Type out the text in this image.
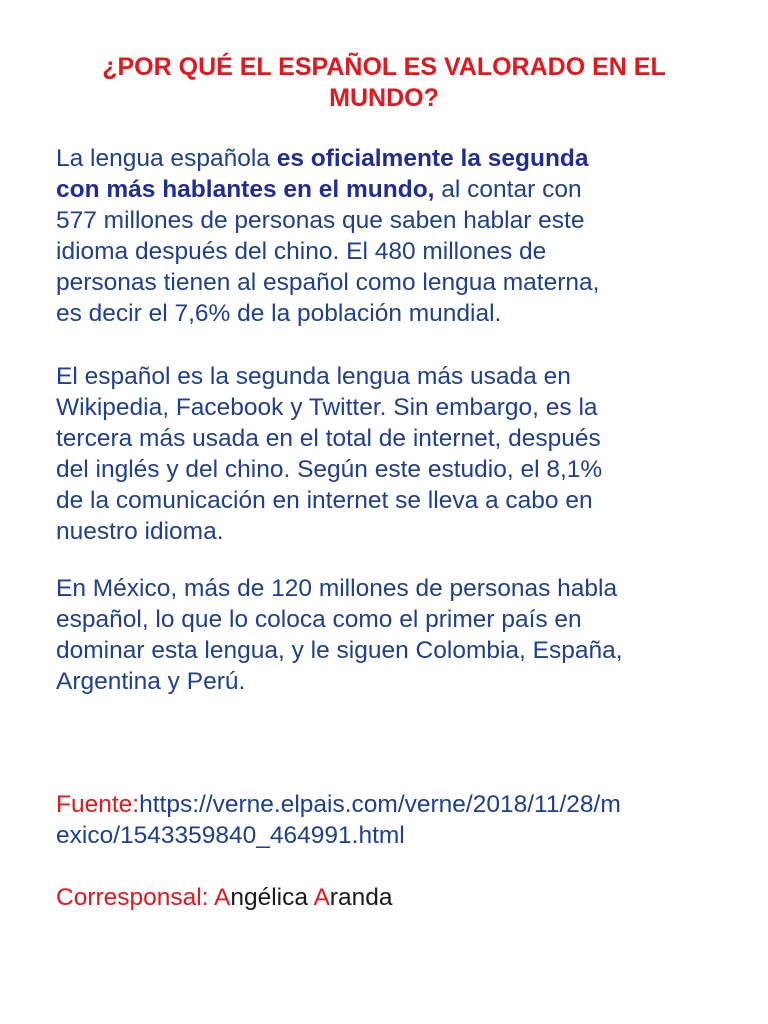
¿POR QUÉ EL ESPAÑOL ES VALORADO EN EL
MUNDO?
La lengua española es oficialmente la segunda
con más hablantes en el mundo, al contar con
577 millones de personas que saben hablar este
idioma después del chino. El 480 millones de
personas tienen al español como lengua materna,
es decir el 7,6% de la población mundial.
El español es la segunda lengua más usada en
Wikipedia, Facebook y Twitter. Sin embargo, es la
tercera más usada en el total de internet, después
del inglés y del chino. Según este estudio, el 8,1%
de la comunicación en internet se lleva a cabo en
nuestro idioma.
En México, más de 120 millones de personas habla
español, lo que lo coloca como el primer país en
dominar esta lengua, y le siguen Colombia, España,
Argentina y Perú.
Fuente:https://verne.elpais.com/verne/2018/11/28/m
exico/1543359840_464991.html
Corresponsal: Angélica Aranda
